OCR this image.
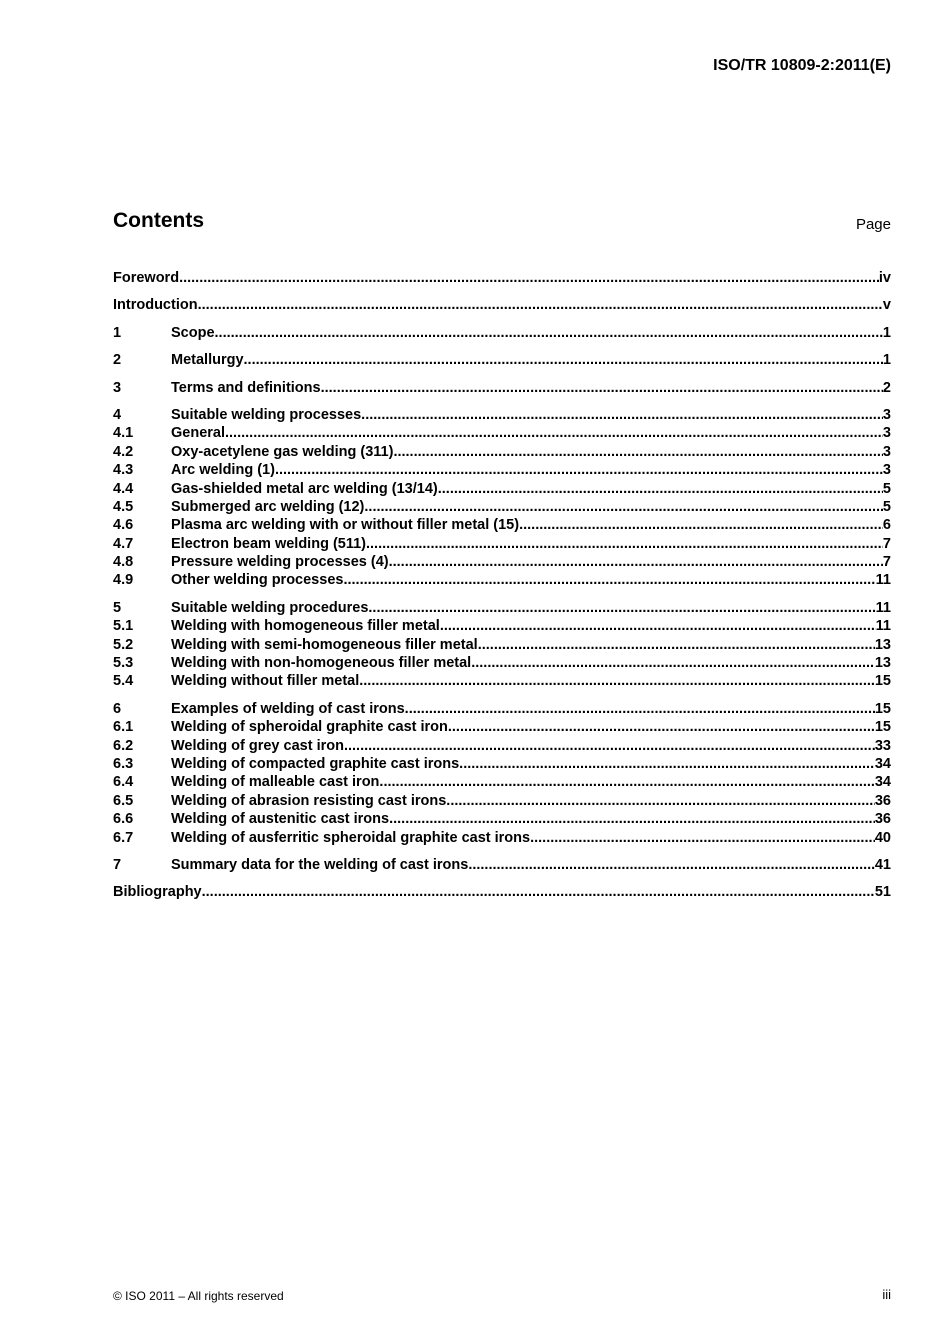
ISO/TR 10809-2:2011(E)
Contents	Page
Foreword .....	iv
Introduction .....	v
1	Scope .....	1
2	Metallurgy .....	1
3	Terms and definitions .....	2
4	Suitable welding processes .....	3
4.1	General .....	3
4.2	Oxy-acetylene gas welding (311) .....	3
4.3	Arc welding (1) .....	3
4.4	Gas-shielded metal arc welding (13/14) .....	5
4.5	Submerged arc welding (12) .....	5
4.6	Plasma arc welding with or without filler metal (15) .....	6
4.7	Electron beam welding (511) .....	7
4.8	Pressure welding processes (4) .....	7
4.9	Other welding processes .....	11
5	Suitable welding procedures .....	11
5.1	Welding with homogeneous filler metal .....	11
5.2	Welding with semi-homogeneous filler metal .....	13
5.3	Welding with non-homogeneous filler metal .....	13
5.4	Welding without filler metal .....	15
6	Examples of welding of cast irons .....	15
6.1	Welding of spheroidal graphite cast iron .....	15
6.2	Welding of grey cast iron .....	33
6.3	Welding of compacted graphite cast irons .....	34
6.4	Welding of malleable cast iron .....	34
6.5	Welding of abrasion resisting cast irons .....	36
6.6	Welding of austenitic cast irons .....	36
6.7	Welding of ausferritic spheroidal graphite cast irons .....	40
7	Summary data for the welding of cast irons .....	41
Bibliography .....	51
© ISO 2011 – All rights reserved	iii
